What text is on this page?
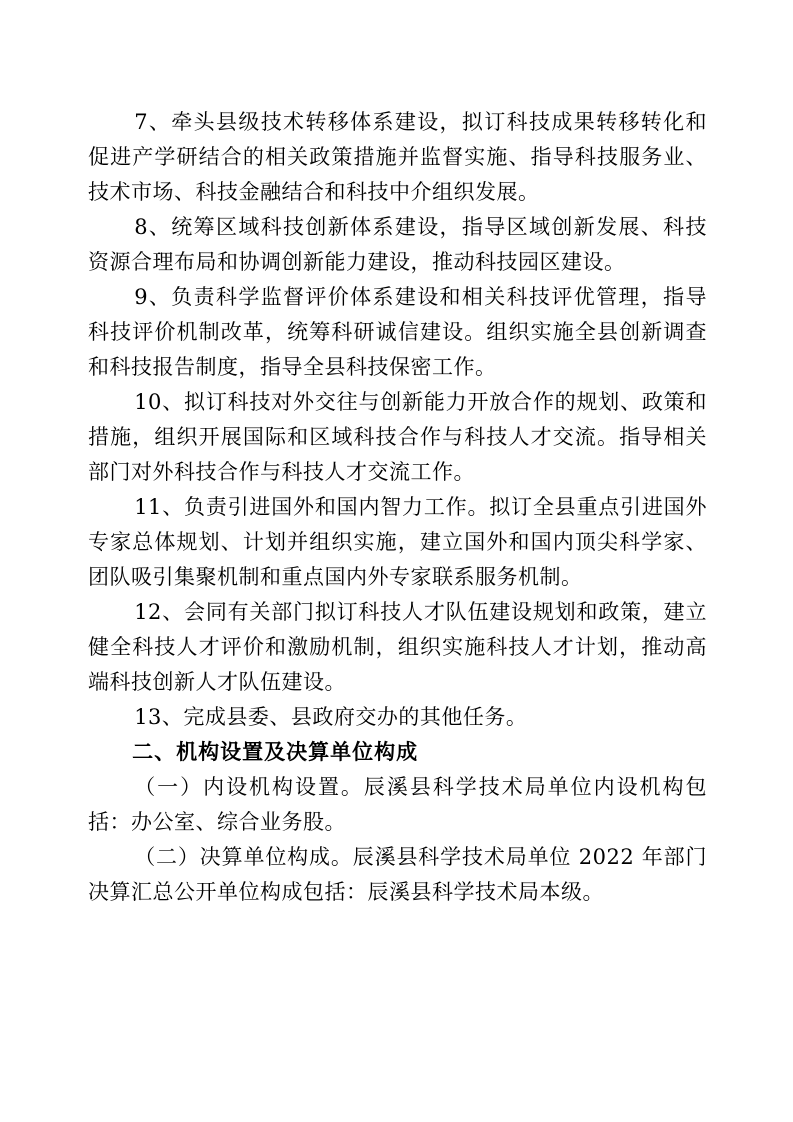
7、牵头县级技术转移体系建设，拟订科技成果转移转化和促进产学研结合的相关政策措施并监督实施、指导科技服务业、技术市场、科技金融结合和科技中介组织发展。

8、统筹区域科技创新体系建设，指导区域创新发展、科技资源合理布局和协调创新能力建设，推动科技园区建设。

9、负责科学监督评价体系建设和相关科技评优管理，指导科技评价机制改革，统筹科研诚信建设。组织实施全县创新调查和科技报告制度，指导全县科技保密工作。

10、拟订科技对外交往与创新能力开放合作的规划、政策和措施，组织开展国际和区域科技合作与科技人才交流。指导相关部门对外科技合作与科技人才交流工作。

11、负责引进国外和国内智力工作。拟订全县重点引进国外专家总体规划、计划并组织实施，建立国外和国内顶尖科学家、团队吸引集聚机制和重点国内外专家联系服务机制。

12、会同有关部门拟订科技人才队伍建设规划和政策，建立健全科技人才评价和激励机制，组织实施科技人才计划，推动高端科技创新人才队伍建设。

13、完成县委、县政府交办的其他任务。

二、机构设置及决算单位构成

（一）内设机构设置。辰溪县科学技术局单位内设机构包括：办公室、综合业务股。

（二）决算单位构成。辰溪县科学技术局单位 2022 年部门决算汇总公开单位构成包括：辰溪县科学技术局本级。
